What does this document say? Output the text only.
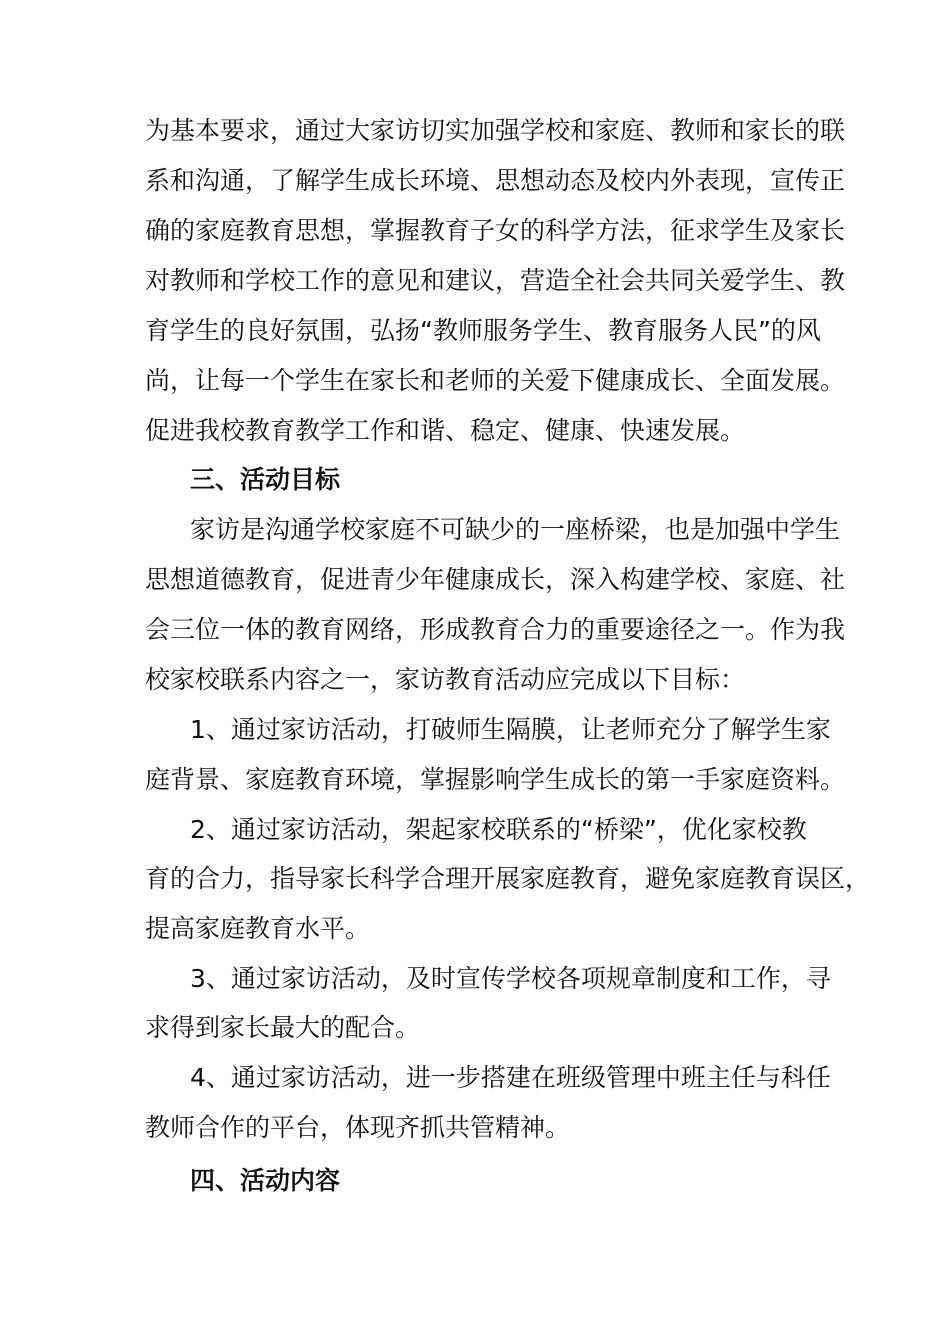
为基本要求，通过大家访切实加强学校和家庭、教师和家长的联
系和沟通，了解学生成长环境、思想动态及校内外表现，宣传正
确的家庭教育思想，掌握教育子女的科学方法，征求学生及家长
对教师和学校工作的意见和建议，营造全社会共同关爱学生、教
育学生的良好氛围，弘扬“教师服务学生、教育服务人民”的风
尚，让每一个学生在家长和老师的关爱下健康成长、全面发展。
促进我校教育教学工作和谐、稳定、健康、快速发展。
三、活动目标
家访是沟通学校家庭不可缺少的一座桥梁，也是加强中学生
思想道德教育，促进青少年健康成长，深入构建学校、家庭、社
会三位一体的教育网络，形成教育合力的重要途径之一。作为我
校家校联系内容之一，家访教育活动应完成以下目标：
1、通过家访活动，打破师生隔膜，让老师充分了解学生家
庭背景、家庭教育环境，掌握影响学生成长的第一手家庭资料。
2、通过家访活动，架起家校联系的“桥梁”，优化家校教
育的合力，指导家长科学合理开展家庭教育，避免家庭教育误区，
提高家庭教育水平。
3、通过家访活动，及时宣传学校各项规章制度和工作，寻
求得到家长最大的配合。
4、通过家访活动，进一步搭建在班级管理中班主任与科任
教师合作的平台，体现齐抓共管精神。
四、活动内容
